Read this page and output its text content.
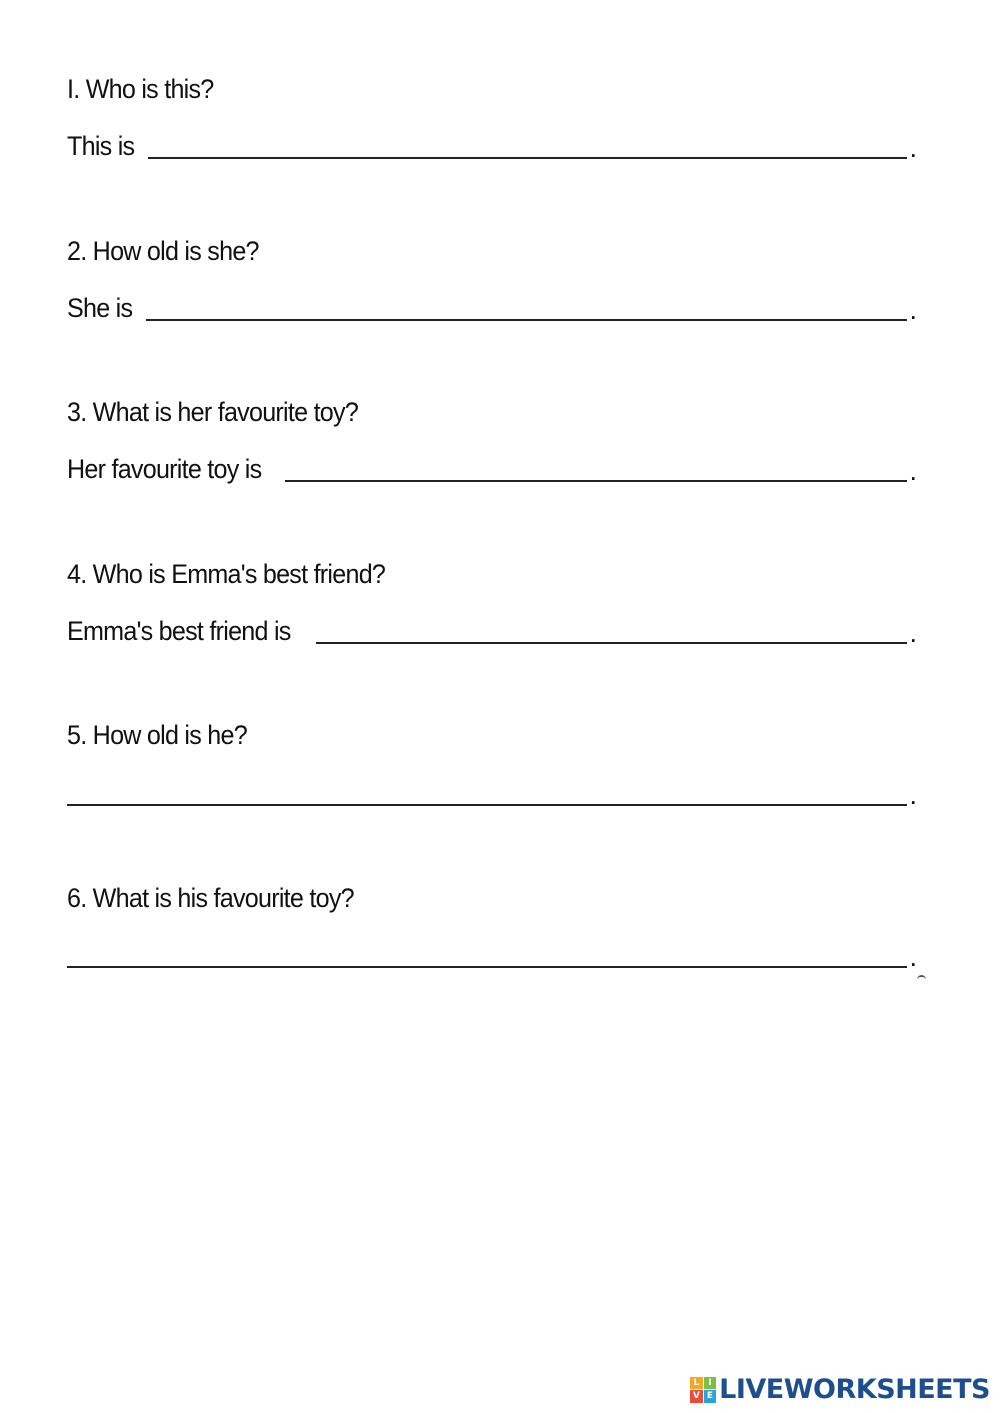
I. Who is this?
This is	.
2. How old is she?
She is	.
3. What is her favourite toy?
Her favourite toy is	.
4. Who is Emma's best friend?
Emma's best friend is	.
5. How old is he?
.
6. What is his favourite toy?
.
L I
V E LIVEWORKSHEETS
